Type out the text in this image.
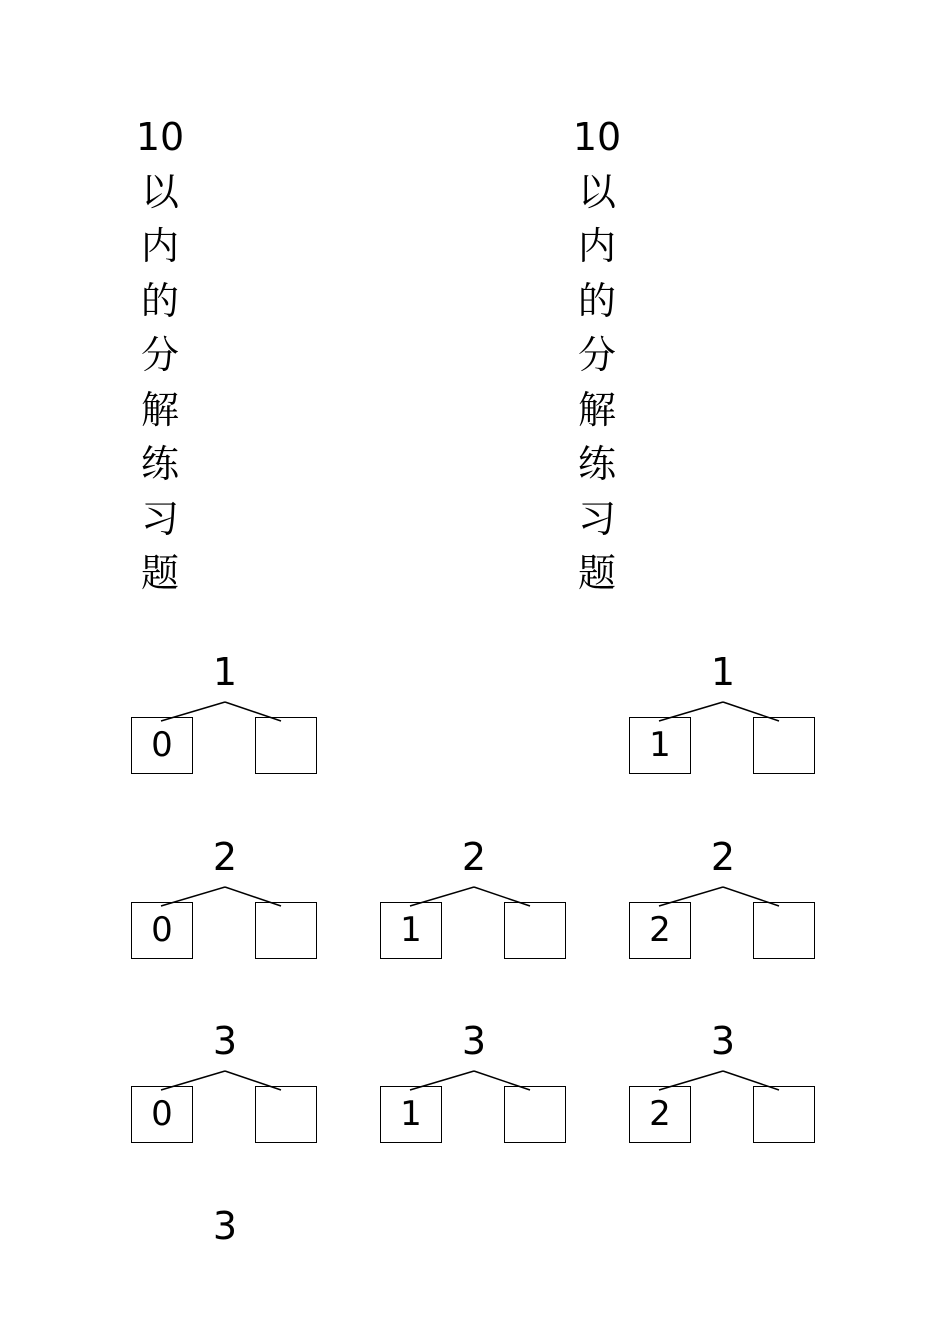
10
以
内
的
分
解
练
习
题
10
以
内
的
分
解
练
习
题
1
0
1
1
2
0
2
1
2
2
3
0
3
1
3
2
3
